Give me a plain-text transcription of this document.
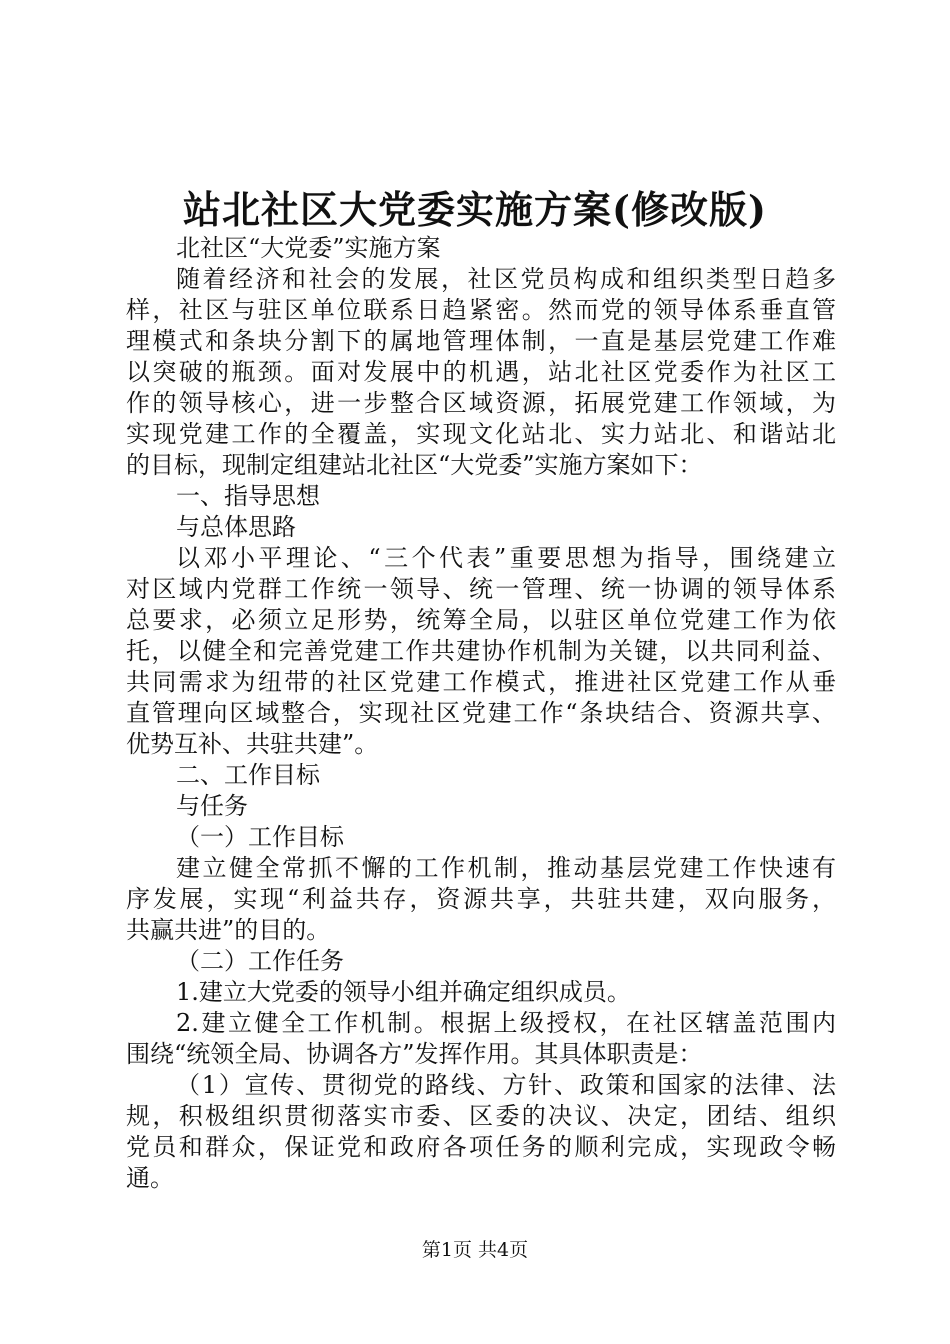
站北社区大党委实施方案(修改版)
北社区“大党委”实施方案
随着经济和社会的发展，社区党员构成和组织类型日趋多
样，社区与驻区单位联系日趋紧密。然而党的领导体系垂直管
理模式和条块分割下的属地管理体制，一直是基层党建工作难
以突破的瓶颈。面对发展中的机遇，站北社区党委作为社区工
作的领导核心，进一步整合区域资源，拓展党建工作领域，为
实现党建工作的全覆盖，实现文化站北、实力站北、和谐站北
的目标，现制定组建站北社区“大党委”实施方案如下：
一、指导思想
与总体思路
以邓小平理论、“三个代表”重要思想为指导，围绕建立
对区域内党群工作统一领导、统一管理、统一协调的领导体系
总要求，必须立足形势，统筹全局，以驻区单位党建工作为依
托，以健全和完善党建工作共建协作机制为关键，以共同利益、
共同需求为纽带的社区党建工作模式，推进社区党建工作从垂
直管理向区域整合，实现社区党建工作“条块结合、资源共享、
优势互补、共驻共建”。
二、工作目标
与任务
（一）工作目标
建立健全常抓不懈的工作机制，推动基层党建工作快速有
序发展，实现“利益共存，资源共享，共驻共建，双向服务，
共赢共进”的目的。
（二）工作任务
1.建立大党委的领导小组并确定组织成员。
2.建立健全工作机制。根据上级授权，在社区辖盖范围内
围绕“统领全局、协调各方”发挥作用。其具体职责是：
（1）宣传、贯彻党的路线、方针、政策和国家的法律、法
规，积极组织贯彻落实市委、区委的决议、决定，团结、组织
党员和群众，保证党和政府各项任务的顺利完成，实现政令畅
通。
第1页 共4页
